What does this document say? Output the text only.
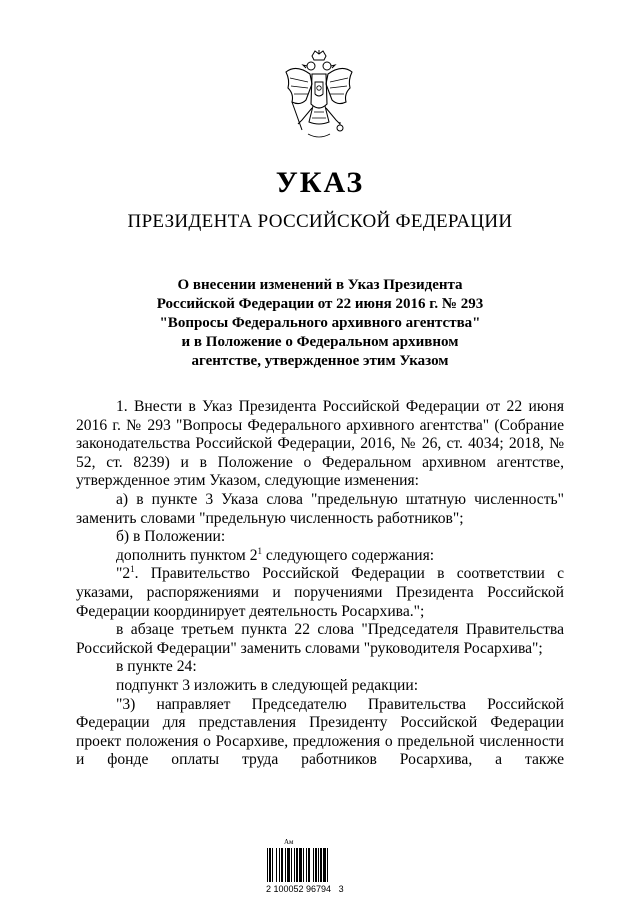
УКАЗ
ПРЕЗИДЕНТА РОССИЙСКОЙ ФЕДЕРАЦИИ
О внесении изменений в Указ Президента
Российской Федерации от 22 июня 2016 г. № 293
"Вопросы Федерального архивного агентства"
и в Положение о Федеральном архивном
агентстве, утвержденное этим Указом

1. Внести в Указ Президента Российской Федерации от 22 июня 2016 г. № 293 "Вопросы Федерального архивного агентства" (Собрание законодательства Российской Федерации, 2016, № 26, ст. 4034; 2018, № 52, ст. 8239) и в Положение о Федеральном архивном агентстве, утвержденное этим Указом, следующие изменения:

а) в пункте 3 Указа слова "предельную штатную численность" заменить словами "предельную численность работников";

б) в Положении:

дополнить пунктом $2^1$ следующего содержания:

"$2^1$. Правительство Российской Федерации в соответствии с указами, распоряжениями и поручениями Президента Российской Федерации координирует деятельность Росархива.";

в абзаце третьем пункта 22 слова "Председателя Правительства Российской Федерации" заменить словами "руководителя Росархива";

в пункте 24:

подпункт 3 изложить в следующей редакции:

"3) направляет Председателю Правительства Российской Федерации для представления Президенту Российской Федерации проект положения о Росархиве, предложения о предельной численности и фонде оплаты труда работников Росархива, а также

Ам
2 100052 96794   3
